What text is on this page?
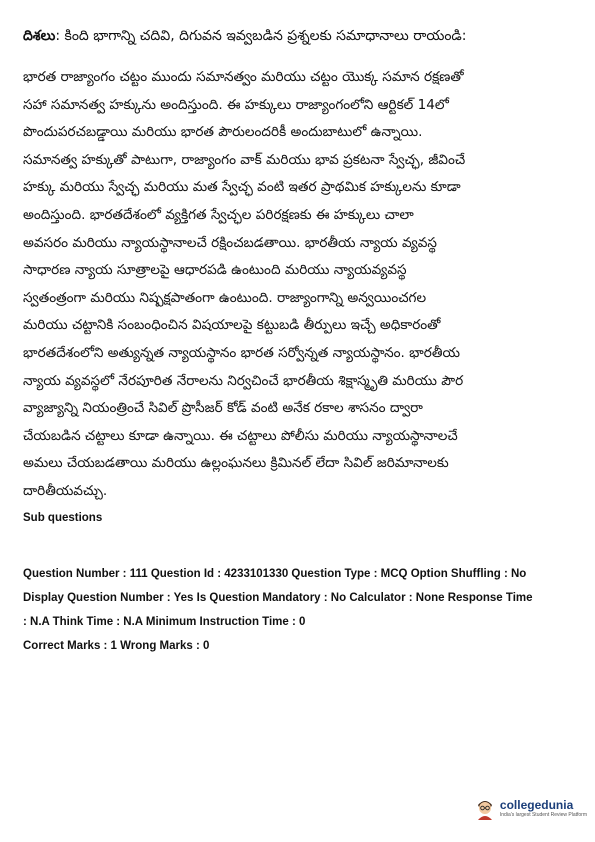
దిశలు: కింది భాగాన్ని చదివి, దిగువన ఇవ్వబడిన ప్రశ్నలకు సమాధానాలు రాయండి:
భారత రాజ్యాంగం చట్టం ముందు సమానత్వం మరియు చట్టం యొక్క సమాన రక్షణతో
సహా సమానత్వ హక్కును అందిస్తుంది. ఈ హక్కులు రాజ్యాంగంలోని ఆర్టికల్ 14లో
పొందుపరచబడ్డాయి మరియు భారత పౌరులందరికీ అందుబాటులో ఉన్నాయి.
సమానత్వ హక్కుతో పాటుగా, రాజ్యాంగం వాక్ మరియు భావ ప్రకటనా స్వేచ్ఛ, జీవించే
హక్కు మరియు స్వేచ్ఛ మరియు మత స్వేచ్ఛ వంటి ఇతర ప్రాథమిక హక్కులను కూడా
అందిస్తుంది. భారతదేశంలో వ్యక్తిగత స్వేచ్ఛల పరిరక్షణకు ఈ హక్కులు చాలా
అవసరం మరియు న్యాయస్థానాలచే రక్షించబడతాయి. భారతీయ న్యాయ వ్యవస్థ
సాధారణ న్యాయ సూత్రాలపై ఆధారపడి ఉంటుంది మరియు న్యాయవ్యవస్థ
స్వతంత్రంగా మరియు నిష్పక్షపాతంగా ఉంటుంది. రాజ్యాంగాన్ని అన్వయించగల
మరియు చట్టానికి సంబంధించిన విషయాలపై కట్టుబడి తీర్పులు ఇచ్చే అధికారంతో
భారతదేశంలోని అత్యున్నత న్యాయస్థానం భారత సర్వోన్నత న్యాయస్థానం. భారతీయ
న్యాయ వ్యవస్థలో నేరపూరిత నేరాలను నిర్వచించే భారతీయ శిక్షాస్మృతి మరియు పౌర
వ్యాజ్యాన్ని నియంత్రించే సివిల్ ప్రొసీజర్ కోడ్ వంటి అనేక రకాల శాసనం ద్వారా
చేయబడిన చట్టాలు కూడా ఉన్నాయి. ఈ చట్టాలు పోలీసు మరియు న్యాయస్థానాలచే
అమలు చేయబడతాయి మరియు ఉల్లంఘనలు క్రిమినల్ లేదా సివిల్ జరిమానాలకు
దారితీయవచ్చు.
Sub questions
Question Number : 111 Question Id : 4233101330 Question Type : MCQ Option Shuffling : No
Display Question Number : Yes Is Question Mandatory : No Calculator : None Response Time
: N.A Think Time : N.A Minimum Instruction Time : 0
Correct Marks : 1 Wrong Marks : 0
collegedunia
India's largest Student Review Platform
